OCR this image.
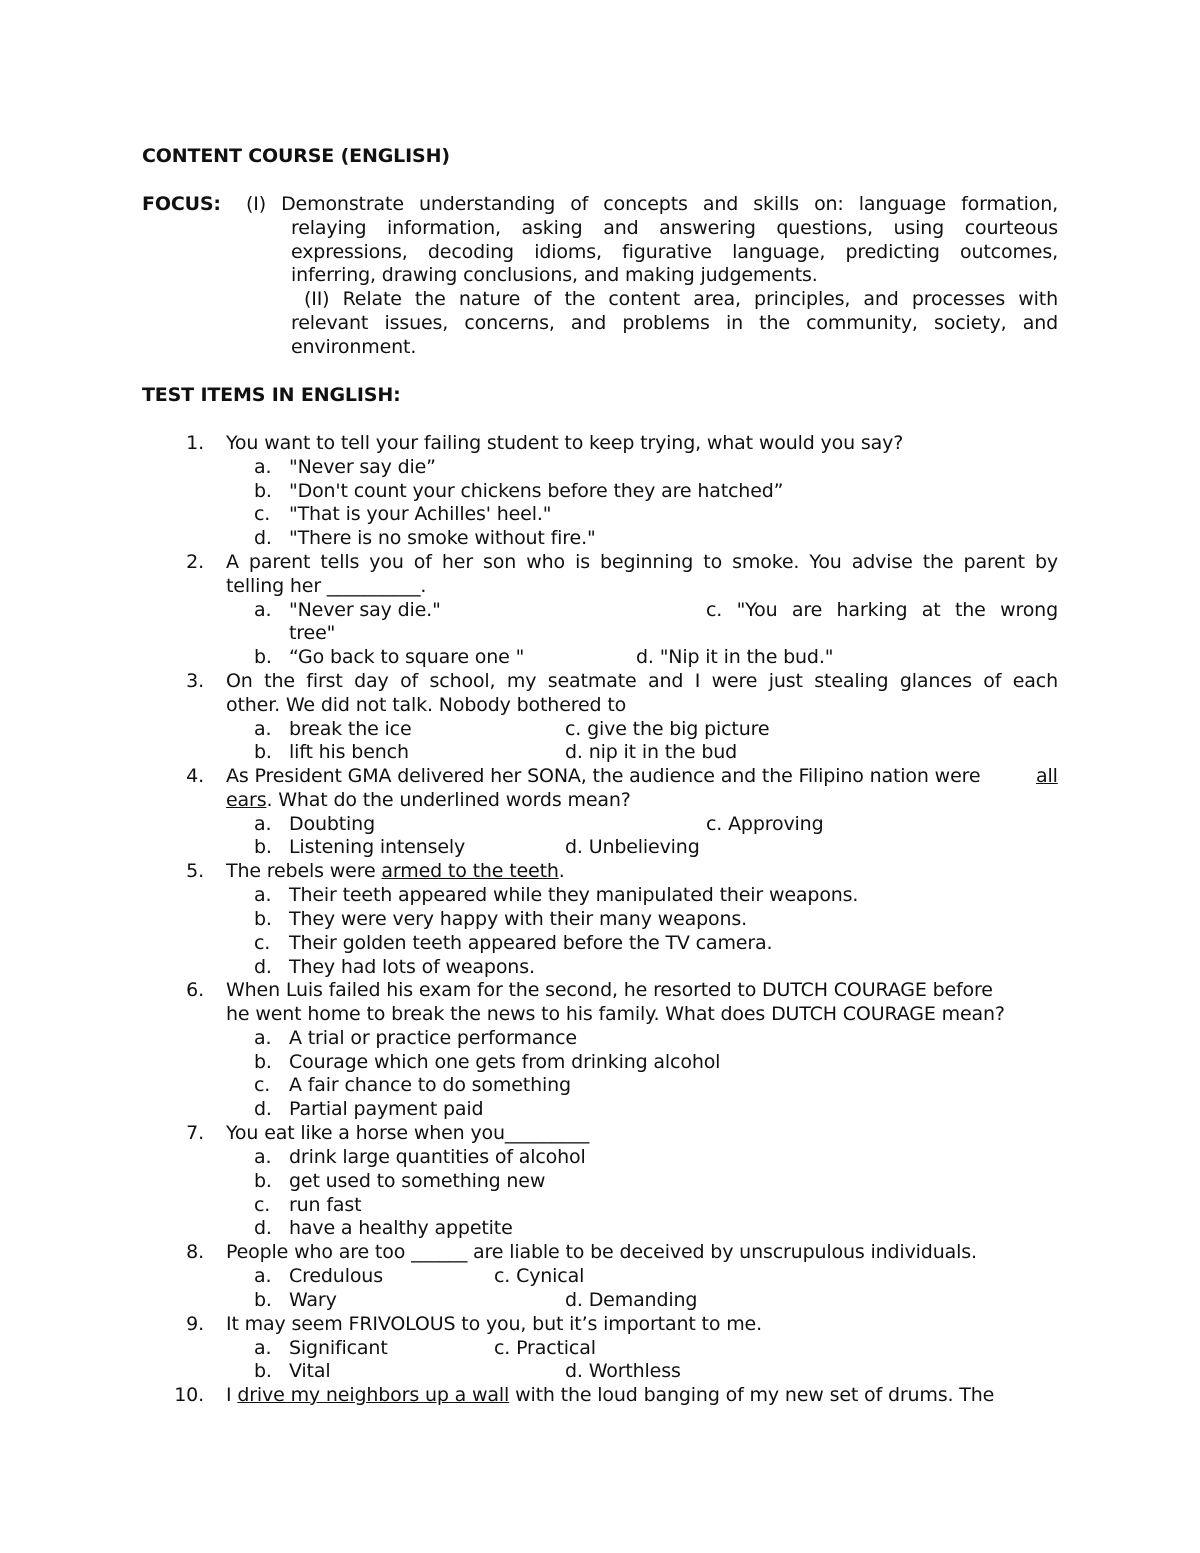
CONTENT COURSE (ENGLISH)
FOCUS: (I) Demonstrate understanding of concepts and skills on: language formation,
relaying information, asking and answering questions, using courteous
expressions, decoding idioms, figurative language, predicting outcomes,
inferring, drawing conclusions, and making judgements.
(II) Relate the nature of the content area, principles, and processes with
relevant issues, concerns, and problems in the community, society, and
environment.
TEST ITEMS IN ENGLISH:
1. You want to tell your failing student to keep trying, what would you say?
a. "Never say die”
b. "Don't count your chickens before they are hatched”
c. "That is your Achilles' heel."
d. "There is no smoke without fire."
2. A parent tells you of her son who is beginning to smoke. You advise the parent by
telling her __________.
a. "Never say die."	c. "You are harking at the wrong
tree"
b. “Go back to square one "	d. "Nip it in the bud."
3. On the first day of school, my seatmate and I were just stealing glances of each
other. We did not talk. Nobody bothered to
a. break the ice	c. give the big picture
b. lift his bench	d. nip it in the bud
4. As President GMA delivered her SONA, the audience and the Filipino nation were	all
ears. What do the underlined words mean?
a. Doubting	c. Approving
b. Listening intensely	d. Unbelieving
5. The rebels were armed to the teeth.
a. Their teeth appeared while they manipulated their weapons.
b. They were very happy with their many weapons.
c. Their golden teeth appeared before the TV camera.
d. They had lots of weapons.
6. When Luis failed his exam for the second, he resorted to DUTCH COURAGE before
he went home to break the news to his family. What does DUTCH COURAGE mean?
a. A trial or practice performance
b. Courage which one gets from drinking alcohol
c. A fair chance to do something
d. Partial payment paid
7. You eat like a horse when you_________
a. drink large quantities of alcohol
b. get used to something new
c. run fast
d. have a healthy appetite
8. People who are too ______ are liable to be deceived by unscrupulous individuals.
a. Credulous	c. Cynical
b. Wary	d. Demanding
9. It may seem FRIVOLOUS to you, but it’s important to me.
a. Significant	c. Practical
b. Vital	d. Worthless
10. I drive my neighbors up a wall with the loud banging of my new set of drums. The
